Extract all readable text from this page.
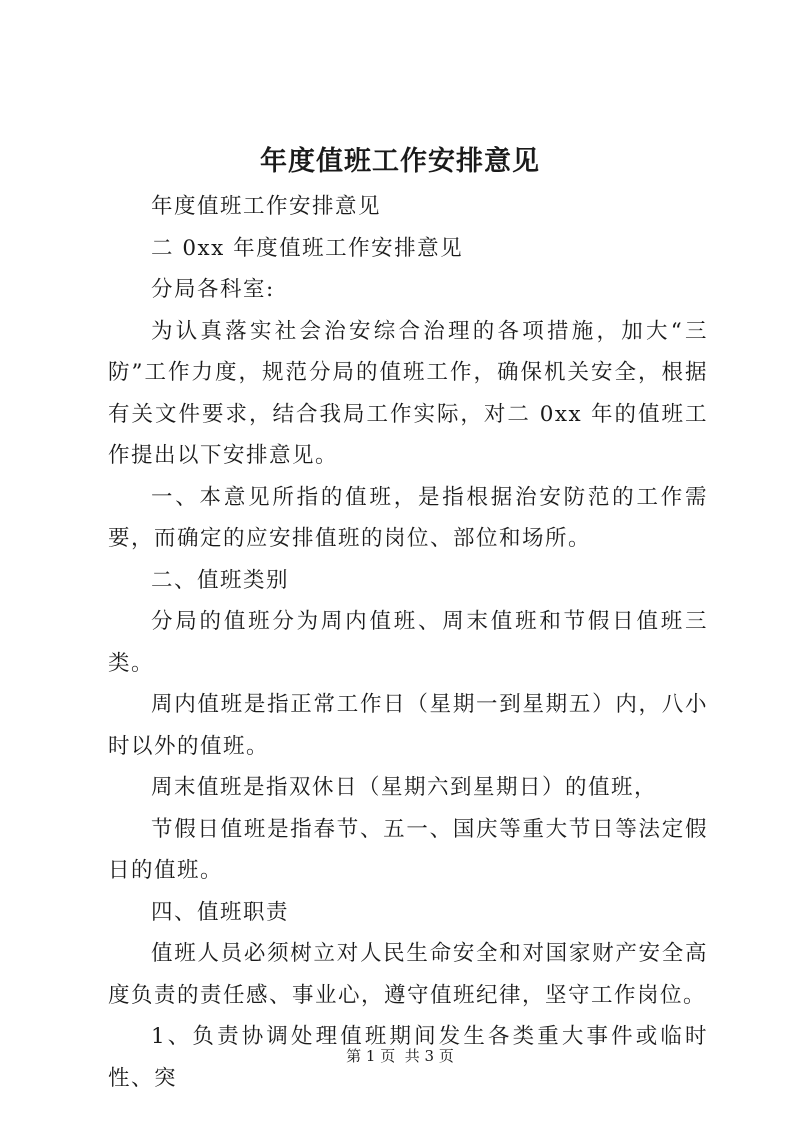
年度值班工作安排意见

年度值班工作安排意见

二 0xx 年度值班工作安排意见

分局各科室:

为认真落实社会治安综合治理的各项措施，加大“三防”工作力度，规范分局的值班工作，确保机关安全，根据有关文件要求，结合我局工作实际，对二 0xx 年的值班工作提出以下安排意见。

一、本意见所指的值班，是指根据治安防范的工作需要，而确定的应安排值班的岗位、部位和场所。

二、值班类别

分局的值班分为周内值班、周末值班和节假日值班三类。

周内值班是指正常工作日（星期一到星期五）内，八小时以外的值班。

周末值班是指双休日（星期六到星期日）的值班，

节假日值班是指春节、五一、国庆等重大节日等法定假日的值班。

四、值班职责

值班人员必须树立对人民生命安全和对国家财产安全高度负责的责任感、事业心，遵守值班纪律，坚守工作岗位。

1、负责协调处理值班期间发生各类重大事件或临时性、突

第 1 页  共 3 页
